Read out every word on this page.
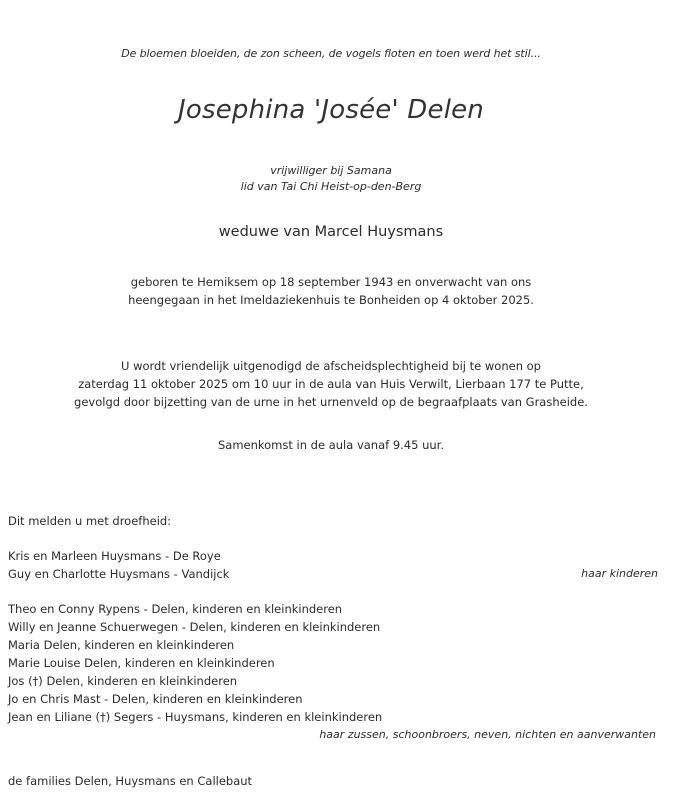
De bloemen bloeiden, de zon scheen, de vogels floten en toen werd het stil...
Josephina 'Josée' Delen
vrijwilliger bij Samana
lid van Tai Chi Heist-op-den-Berg
weduwe van Marcel Huysmans
geboren te Hemiksem op 18 september 1943 en onverwacht van ons
heengegaan in het Imeldaziekenhuis te Bonheiden op 4 oktober 2025.
U wordt vriendelijk uitgenodigd de afscheidsplechtigheid bij te wonen op
zaterdag 11 oktober 2025 om 10 uur in de aula van Huis Verwilt, Lierbaan 177 te Putte,
gevolgd door bijzetting van de urne in het urnenveld op de begraafplaats van Grasheide.
Samenkomst in de aula vanaf 9.45 uur.
Dit melden u met droefheid:
Kris en Marleen Huysmans - De Roye
Guy en Charlotte Huysmans - Vandijck	haar kinderen
Theo en Conny Rypens - Delen, kinderen en kleinkinderen
Willy en Jeanne Schuerwegen - Delen, kinderen en kleinkinderen
Maria Delen, kinderen en kleinkinderen
Marie Louise Delen, kinderen en kleinkinderen
Jos (†) Delen, kinderen en kleinkinderen
Jo en Chris Mast - Delen, kinderen en kleinkinderen
Jean en Liliane (†) Segers - Huysmans, kinderen en kleinkinderen
haar zussen, schoonbroers, neven, nichten en aanverwanten
de families Delen, Huysmans en Callebaut
